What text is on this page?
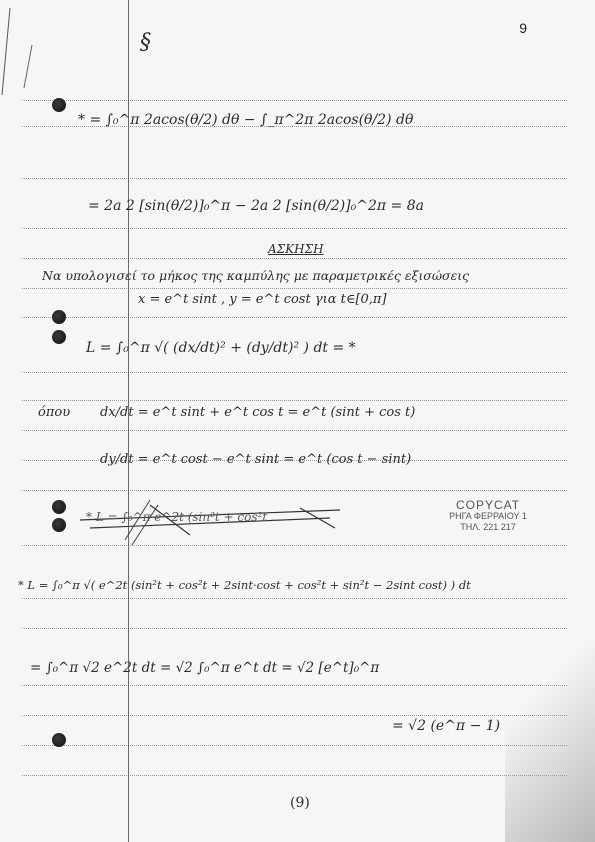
9
§
* = ∫₀^π 2acos(θ/2) dθ − ∫_π^2π 2acos(θ/2) dθ
= 2a 2 [sin(θ/2)]₀^π − 2a 2 [sin(θ/2)]₀^2π = 8a
ΑΣΚΗΣΗ
Να υπολογισεί το μήκος της καμπύλης με παραμετρικές εξισώσεις
x = e^t sint , y = e^t cost για t∈[0,π]
L = ∫₀^π √( (dx/dt)² + (dy/dt)² ) dt = *
όπου dx/dt = e^t sint + e^t cos t = e^t (sint + cos t)
dy/dt = e^t cost − e^t sint = e^t (cos t − sint)
* L = ∫₀^π e^2t (sin²t + cos²t ...
COPYCAT
ΡΗΓΑ ΦΕΡΡΑΙΟΥ 1
ΤΗΛ. 221 217
* L = ∫₀^π √( e^2t (sin²t + cos²t + 2sint·cost + cos²t + sin²t − 2sint cost) ) dt
= ∫₀^π √2 e^2t dt = √2 ∫₀^π e^t dt = √2 [e^t]₀^π
= √2 (e^π − 1)
(9)
